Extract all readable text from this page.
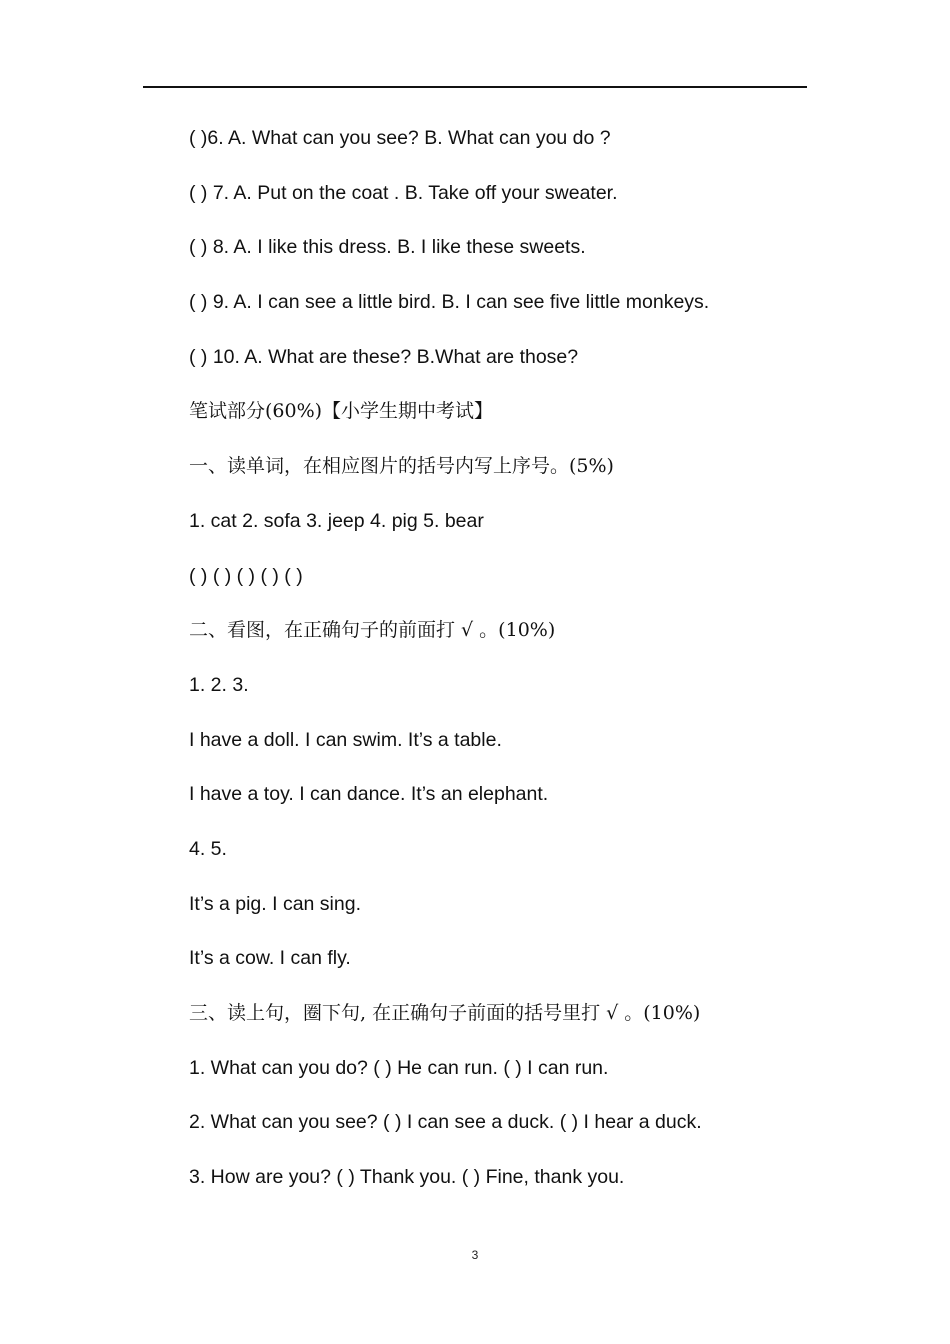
( )6. A. What can you see? B. What can you do ?
( ) 7. A. Put on the coat . B. Take off your sweater.
( ) 8. A. I like this dress. B. I like these sweets.
( ) 9. A. I can see a little bird. B. I can see five little monkeys.
( ) 10. A. What are these? B.What are those?
笔试部分(60%)【小学生期中考试】
一、读单词，在相应图片的括号内写上序号。(5%)
1. cat 2. sofa 3. jeep 4. pig 5. bear
( ) ( ) ( ) ( ) ( )
二、看图，在正确句子的前面打 √ 。(10%)
1. 2. 3.
I have a doll. I can swim. It’s a table.
I have a toy. I can dance. It’s an elephant.
4. 5.
It’s a pig. I can sing.
It’s a cow. I can fly.
三、读上句，圈下句, 在正确句子前面的括号里打 √ 。(10%)
1. What can you do? ( ) He can run. ( ) I can run.
2. What can you see? ( ) I can see a duck. ( ) I hear a duck.
3. How are you? ( ) Thank you. ( ) Fine, thank you.
3
